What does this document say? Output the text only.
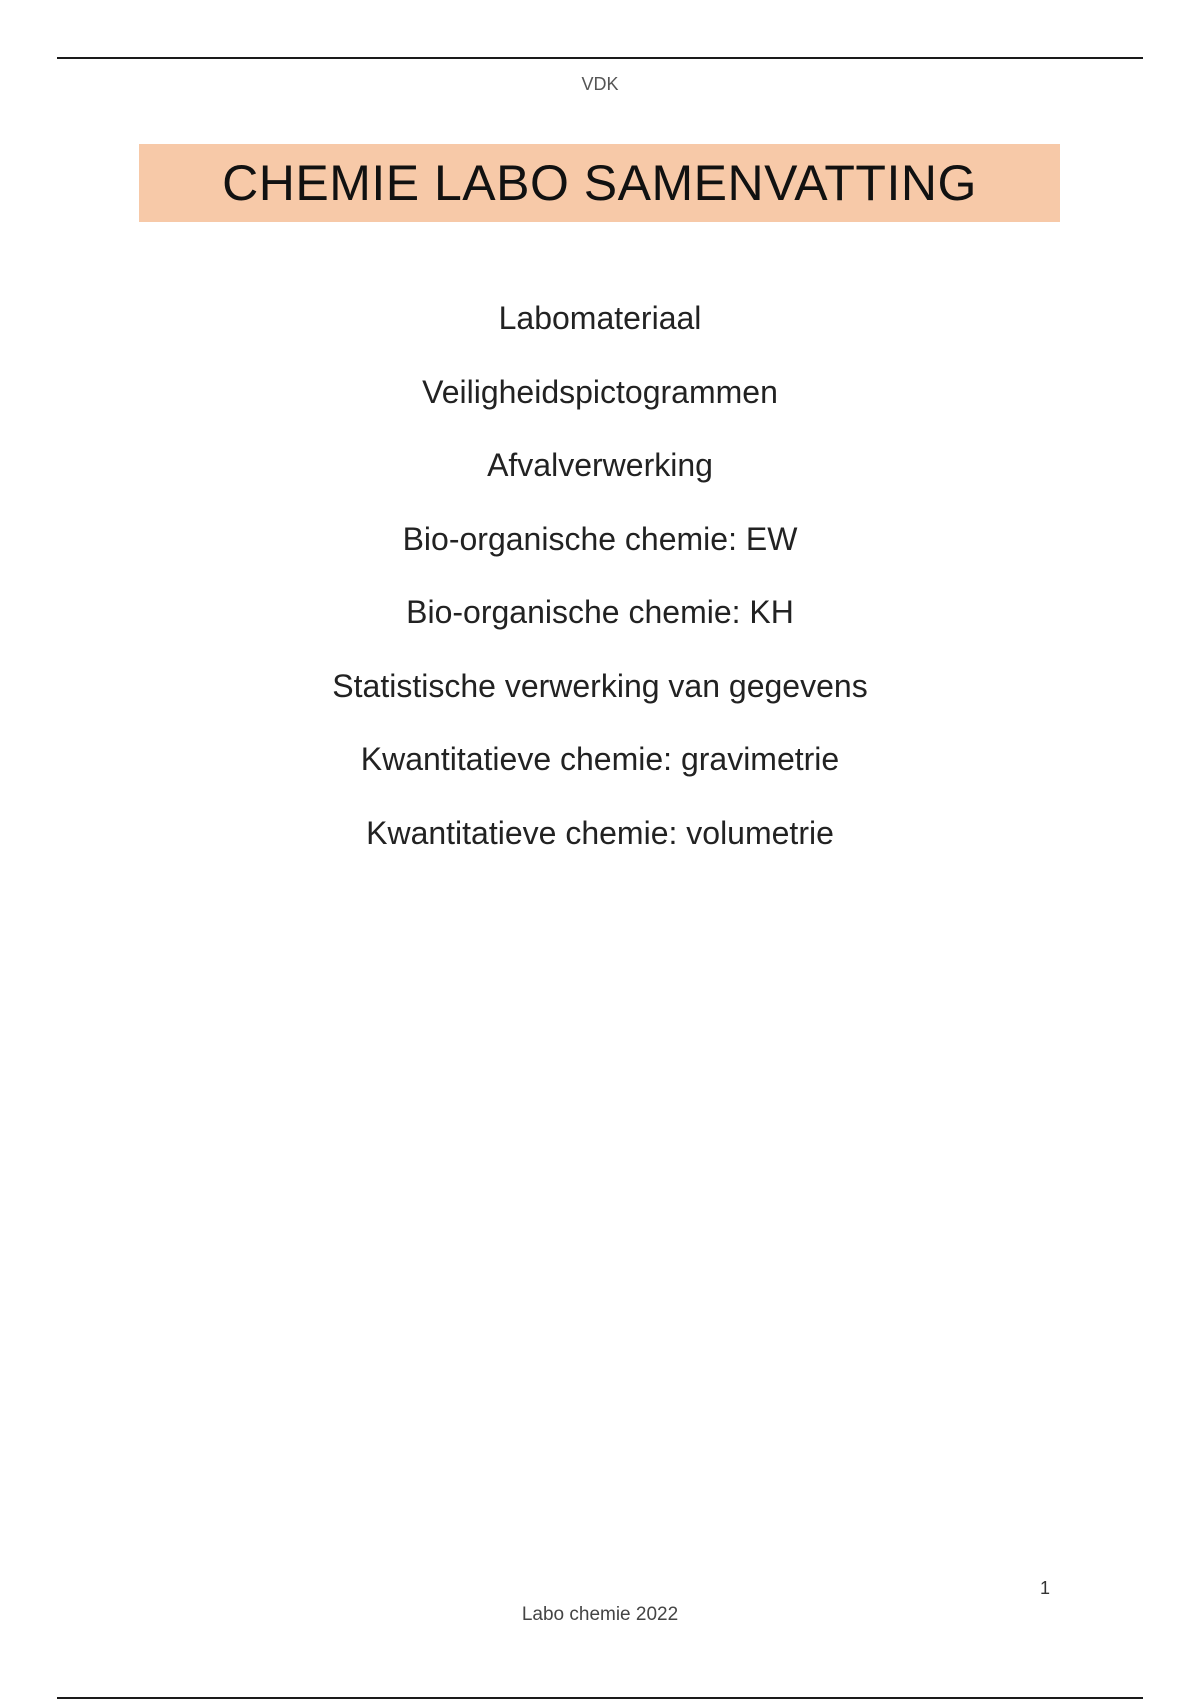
VDK
CHEMIE LABO SAMENVATTING
Labomateriaal
Veiligheidspictogrammen
Afvalverwerking
Bio-organische chemie: EW
Bio-organische chemie: KH
Statistische verwerking van gegevens
Kwantitatieve chemie: gravimetrie
Kwantitatieve chemie: volumetrie
1
Labo chemie 2022
